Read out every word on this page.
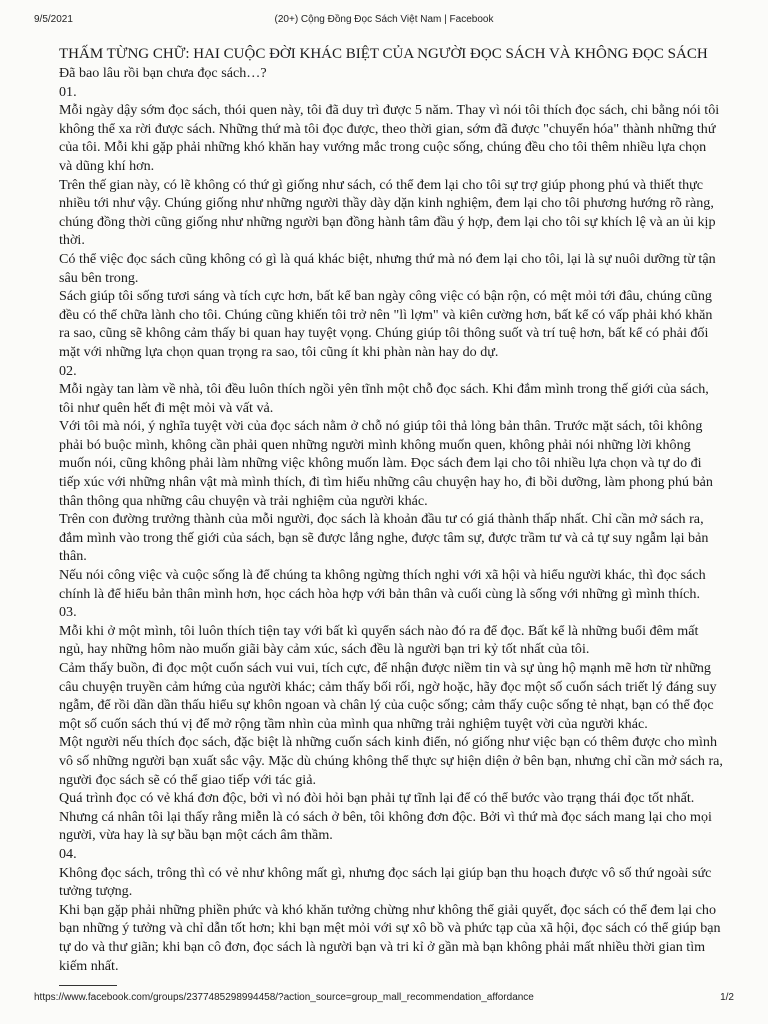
9/5/2021	(20+) Cộng Đồng Đọc Sách Việt Nam | Facebook

THẤM TỪNG CHỮ: HAI CUỘC ĐỜI KHÁC BIỆT CỦA NGƯỜI ĐỌC SÁCH VÀ KHÔNG ĐỌC SÁCH

Đã bao lâu rồi bạn chưa đọc sách…?

01.

Mỗi ngày dậy sớm đọc sách, thói quen này, tôi đã duy trì được 5 năm. Thay vì nói tôi thích đọc sách, chi bằng nói tôi không thể xa rời được sách. Những thứ mà tôi đọc được, theo thời gian, sớm đã được "chuyển hóa" thành những thứ của tôi. Mỗi khi gặp phải những khó khăn hay vướng mắc trong cuộc sống, chúng đều cho tôi thêm nhiều lựa chọn và dũng khí hơn.

Trên thế gian này, có lẽ không có thứ gì giống như sách, có thể đem lại cho tôi sự trợ giúp phong phú và thiết thực nhiều tới như vậy. Chúng giống như những người thầy dày dặn kinh nghiệm, đem lại cho tôi phương hướng rõ ràng, chúng đồng thời cũng giống như những người bạn đồng hành tâm đầu ý hợp, đem lại cho tôi sự khích lệ và an ủi kịp thời.

Có thể việc đọc sách cũng không có gì là quá khác biệt, nhưng thứ mà nó đem lại cho tôi, lại là sự nuôi dưỡng từ tận sâu bên trong.

Sách giúp tôi sống tươi sáng và tích cực hơn, bất kể ban ngày công việc có bận rộn, có mệt mỏi tới đâu, chúng cũng đều có thể chữa lành cho tôi. Chúng cũng khiến tôi trở nên "lì lợm" và kiên cường hơn, bất kể có vấp phải khó khăn ra sao, cũng sẽ không cảm thấy bi quan hay tuyệt vọng. Chúng giúp tôi thông suốt và trí tuệ hơn, bất kể có phải đối mặt với những lựa chọn quan trọng ra sao, tôi cũng ít khi phàn nàn hay do dự.

02.

Mỗi ngày tan làm về nhà, tôi đều luôn thích ngồi yên tĩnh một chỗ đọc sách. Khi đắm mình trong thế giới của sách, tôi như quên hết đi mệt mỏi và vất vả.

Với tôi mà nói, ý nghĩa tuyệt vời của đọc sách nằm ở chỗ nó giúp tôi thả lỏng bản thân. Trước mặt sách, tôi không phải bó buộc mình, không cần phải quen những người mình không muốn quen, không phải nói những lời không muốn nói, cũng không phải làm những việc không muốn làm. Đọc sách đem lại cho tôi nhiều lựa chọn và tự do đi tiếp xúc với những nhân vật mà mình thích, đi tìm hiểu những câu chuyện hay ho, đi bồi dưỡng, làm phong phú bản thân thông qua những câu chuyện và trải nghiệm của người khác.

Trên con đường trưởng thành của mỗi người, đọc sách là khoản đầu tư có giá thành thấp nhất. Chỉ cần mở sách ra, đắm mình vào trong thế giới của sách, bạn sẽ được lắng nghe, được tâm sự, được trầm tư và cả tự suy ngẫm lại bản thân.

Nếu nói công việc và cuộc sống là để chúng ta không ngừng thích nghi với xã hội và hiểu người khác, thì đọc sách chính là để hiểu bản thân mình hơn, học cách hòa hợp với bản thân và cuối cùng là sống với những gì mình thích.

03.

Mỗi khi ở một mình, tôi luôn thích tiện tay với bất kì quyển sách nào đó ra để đọc. Bất kể là những buổi đêm mất ngủ, hay những hôm nào muốn giãi bày cảm xúc, sách đều là người bạn tri kỷ tốt nhất của tôi.

Cảm thấy buồn, đi đọc một cuốn sách vui vui, tích cực, để nhận được niềm tin và sự ủng hộ mạnh mẽ hơn từ những câu chuyện truyền cảm hứng của người khác; cảm thấy bối rối, ngờ hoặc, hãy đọc một số cuốn sách triết lý đáng suy ngẫm, để rồi dần dần thấu hiểu sự khôn ngoan và chân lý của cuộc sống; cảm thấy cuộc sống tẻ nhạt, bạn có thể đọc một số cuốn sách thú vị để mở rộng tầm nhìn của mình qua những trải nghiệm tuyệt vời của người khác.

Một người nếu thích đọc sách, đặc biệt là những cuốn sách kinh điển, nó giống như việc bạn có thêm được cho mình vô số những người bạn xuất sắc vậy. Mặc dù chúng không thể thực sự hiện diện ở bên bạn, nhưng chỉ cần mở sách ra, người đọc sách sẽ có thể giao tiếp với tác giả.

Quá trình đọc có vẻ khá đơn độc, bởi vì nó đòi hỏi bạn phải tự tĩnh lại để có thể bước vào trạng thái đọc tốt nhất. Nhưng cá nhân tôi lại thấy rằng miễn là có sách ở bên, tôi không đơn độc. Bởi vì thứ mà đọc sách mang lại cho mọi người, vừa hay là sự bầu bạn một cách âm thầm.

04.

Không đọc sách, trông thì có vẻ như không mất gì, nhưng đọc sách lại giúp bạn thu hoạch được vô số thứ ngoài sức tưởng tượng.

Khi bạn gặp phải những phiền phức và khó khăn tưởng chừng như không thể giải quyết, đọc sách có thể đem lại cho bạn những ý tưởng và chỉ dẫn tốt hơn; khi bạn mệt mỏi với sự xô bồ và phức tạp của xã hội, đọc sách có thể giúp bạn tự do và thư giãn; khi bạn cô đơn, đọc sách là người bạn và tri kỉ ở gần mà bạn không phải mất nhiều thời gian tìm kiếm nhất.

https://www.facebook.com/groups/2377485298994458/?action_source=group_mall_recommendation_affordance	1/2
